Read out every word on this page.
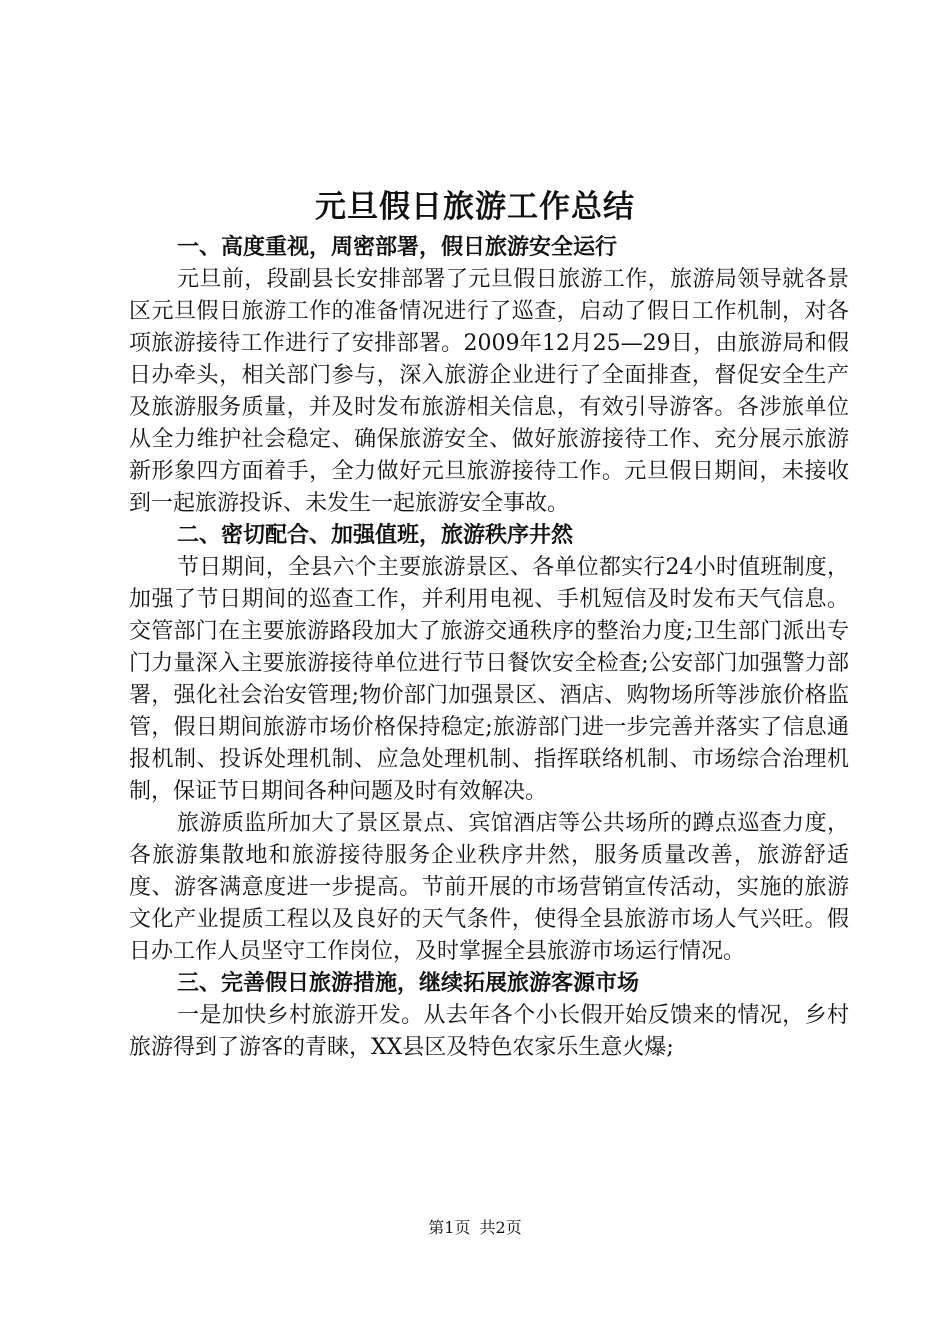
元旦假日旅游工作总结
一、高度重视，周密部署，假日旅游安全运行

元旦前，段副县长安排部署了元旦假日旅游工作，旅游局领导就各景区元旦假日旅游工作的准备情况进行了巡查，启动了假日工作机制，对各项旅游接待工作进行了安排部署。2009年12月25—29日，由旅游局和假日办牵头，相关部门参与，深入旅游企业进行了全面排查，督促安全生产及旅游服务质量，并及时发布旅游相关信息，有效引导游客。各涉旅单位从全力维护社会稳定、确保旅游安全、做好旅游接待工作、充分展示旅游新形象四方面着手，全力做好元旦旅游接待工作。元旦假日期间，未接收到一起旅游投诉、未发生一起旅游安全事故。

二、密切配合、加强值班，旅游秩序井然

节日期间，全县六个主要旅游景区、各单位都实行24小时值班制度，加强了节日期间的巡查工作，并利用电视、手机短信及时发布天气信息。交管部门在主要旅游路段加大了旅游交通秩序的整治力度;卫生部门派出专门力量深入主要旅游接待单位进行节日餐饮安全检查;公安部门加强警力部署，强化社会治安管理;物价部门加强景区、酒店、购物场所等涉旅价格监管，假日期间旅游市场价格保持稳定;旅游部门进一步完善并落实了信息通报机制、投诉处理机制、应急处理机制、指挥联络机制、市场综合治理机制，保证节日期间各种问题及时有效解决。

旅游质监所加大了景区景点、宾馆酒店等公共场所的蹲点巡查力度，各旅游集散地和旅游接待服务企业秩序井然，服务质量改善，旅游舒适度、游客满意度进一步提高。节前开展的市场营销宣传活动，实施的旅游文化产业提质工程以及良好的天气条件，使得全县旅游市场人气兴旺。假日办工作人员坚守工作岗位，及时掌握全县旅游市场运行情况。

三、完善假日旅游措施，继续拓展旅游客源市场

一是加快乡村旅游开发。从去年各个小长假开始反馈来的情况，乡村旅游得到了游客的青睐，XX县区及特色农家乐生意火爆;

第1页 共2页
